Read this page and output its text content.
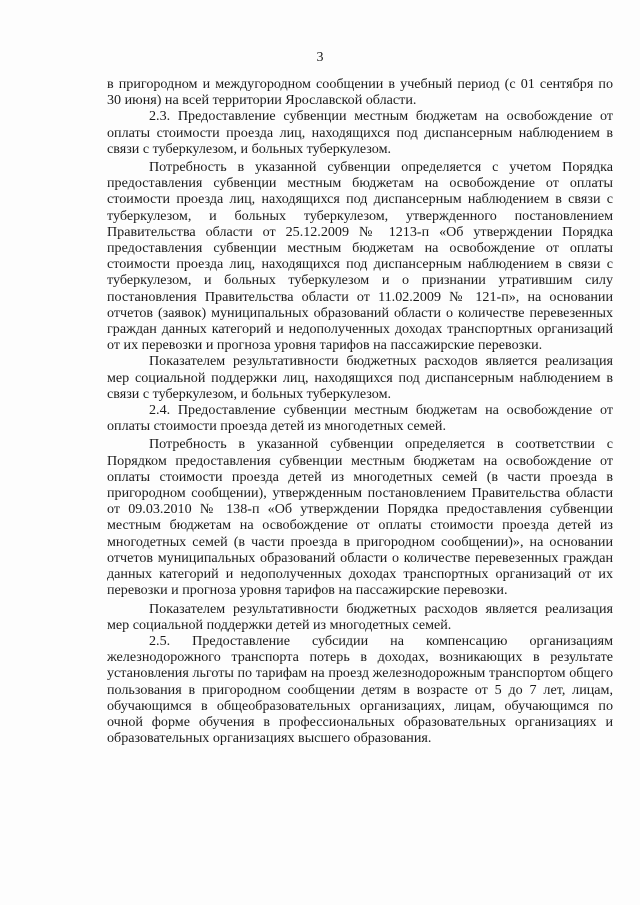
3

в пригородном и междугородном сообщении в учебный период (с 01 сентября по 30 июня) на всей территории Ярославской области.

2.3. Предоставление субвенции местным бюджетам на освобождение от оплаты стоимости проезда лиц, находящихся под диспансерным наблюдением в связи с туберкулезом, и больных туберкулезом.

Потребность в указанной субвенции определяется с учетом Порядка предоставления субвенции местным бюджетам на освобождение от оплаты стоимости проезда лиц, находящихся под диспансерным наблюдением в связи с туберкулезом, и больных туберкулезом, утвержденного постановлением Правительства области от 25.12.2009 № 1213-п «Об утверждении Порядка предоставления субвенции местным бюджетам на освобождение от оплаты стоимости проезда лиц, находящихся под диспансерным наблюдением в связи с туберкулезом, и больных туберкулезом и о признании утратившим силу постановления Правительства области от 11.02.2009 № 121-п», на основании отчетов (заявок) муниципальных образований области о количестве перевезенных граждан данных категорий и недополученных доходах транспортных организаций от их перевозки и прогноза уровня тарифов на пассажирские перевозки.

Показателем результативности бюджетных расходов является реализация мер социальной поддержки лиц, находящихся под диспансерным наблюдением в связи с туберкулезом, и больных туберкулезом.

2.4. Предоставление субвенции местным бюджетам на освобождение от оплаты стоимости проезда детей из многодетных семей.

Потребность в указанной субвенции определяется в соответствии с Порядком предоставления субвенции местным бюджетам на освобождение от оплаты стоимости проезда детей из многодетных семей (в части проезда в пригородном сообщении), утвержденным постановлением Правительства области от 09.03.2010 № 138-п «Об утверждении Порядка предоставления субвенции местным бюджетам на освобождение от оплаты стоимости проезда детей из многодетных семей (в части проезда в пригородном сообщении)», на основании отчетов муниципальных образований области о количестве перевезенных граждан данных категорий и недополученных доходах транспортных организаций от их перевозки и прогноза уровня тарифов на пассажирские перевозки.

Показателем результативности бюджетных расходов является реализация мер социальной поддержки детей из многодетных семей.

2.5. Предоставление субсидии на компенсацию организациям железнодорожного транспорта потерь в доходах, возникающих в результате установления льготы по тарифам на проезд железнодорожным транспортом общего пользования в пригородном сообщении детям в возрасте от 5 до 7 лет, лицам, обучающимся в общеобразовательных организациях, лицам, обучающимся по очной форме обучения в профессиональных образовательных организациях и образовательных организациях высшего образования.
